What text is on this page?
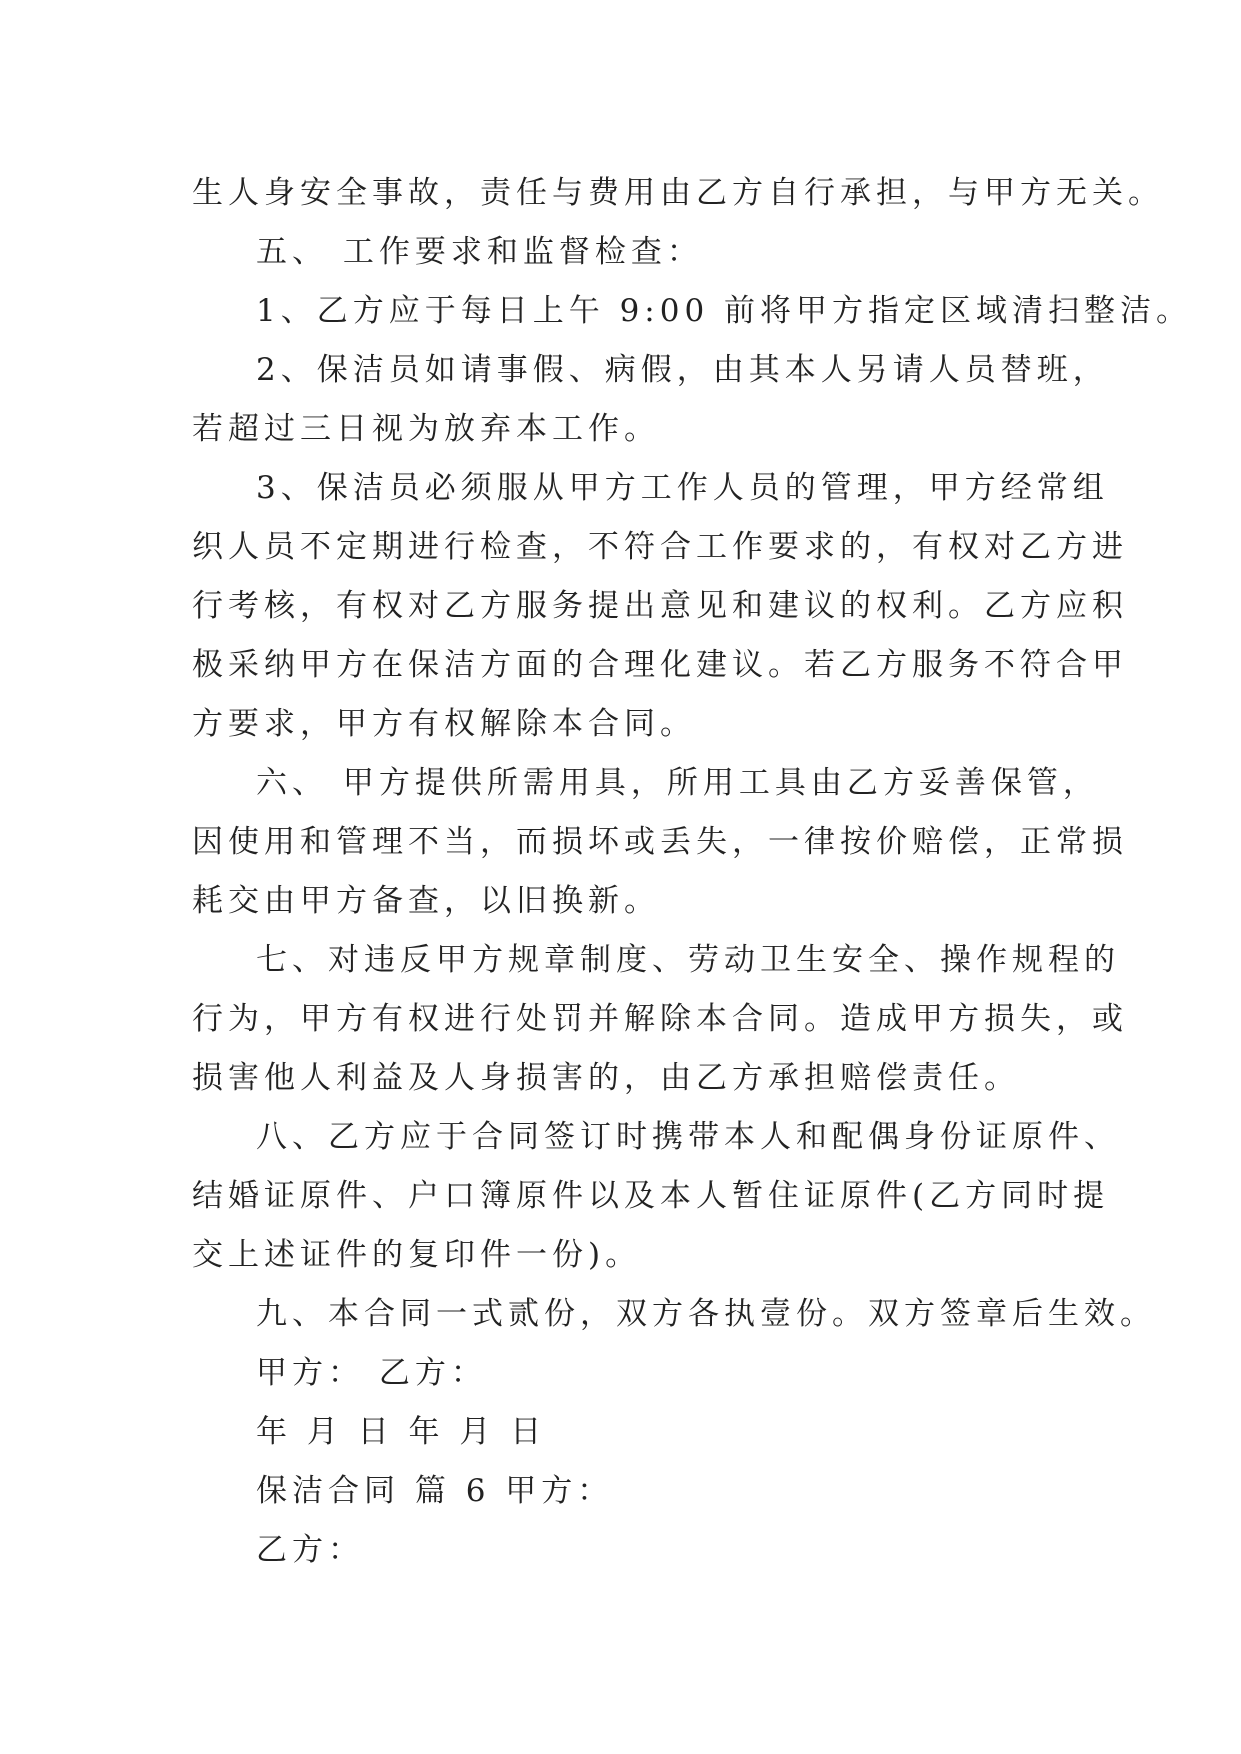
生人身安全事故，责任与费用由乙方自行承担，与甲方无关。
五、 工作要求和监督检查：
1、乙方应于每日上午 9:00 前将甲方指定区域清扫整洁。
2、保洁员如请事假、病假，由其本人另请人员替班，
若超过三日视为放弃本工作。
3、保洁员必须服从甲方工作人员的管理，甲方经常组
织人员不定期进行检查，不符合工作要求的，有权对乙方进
行考核，有权对乙方服务提出意见和建议的权利。乙方应积
极采纳甲方在保洁方面的合理化建议。若乙方服务不符合甲
方要求，甲方有权解除本合同。
六、 甲方提供所需用具，所用工具由乙方妥善保管，
因使用和管理不当，而损坏或丢失，一律按价赔偿，正常损
耗交由甲方备查，以旧换新。
七、对违反甲方规章制度、劳动卫生安全、操作规程的
行为，甲方有权进行处罚并解除本合同。造成甲方损失，或
损害他人利益及人身损害的，由乙方承担赔偿责任。
八、乙方应于合同签订时携带本人和配偶身份证原件、
结婚证原件、户口簿原件以及本人暂住证原件(乙方同时提
交上述证件的复印件一份)。
九、本合同一式贰份，双方各执壹份。双方签章后生效。
甲方： 乙方：
年 月 日 年 月 日
保洁合同 篇 6 甲方：
乙方：
